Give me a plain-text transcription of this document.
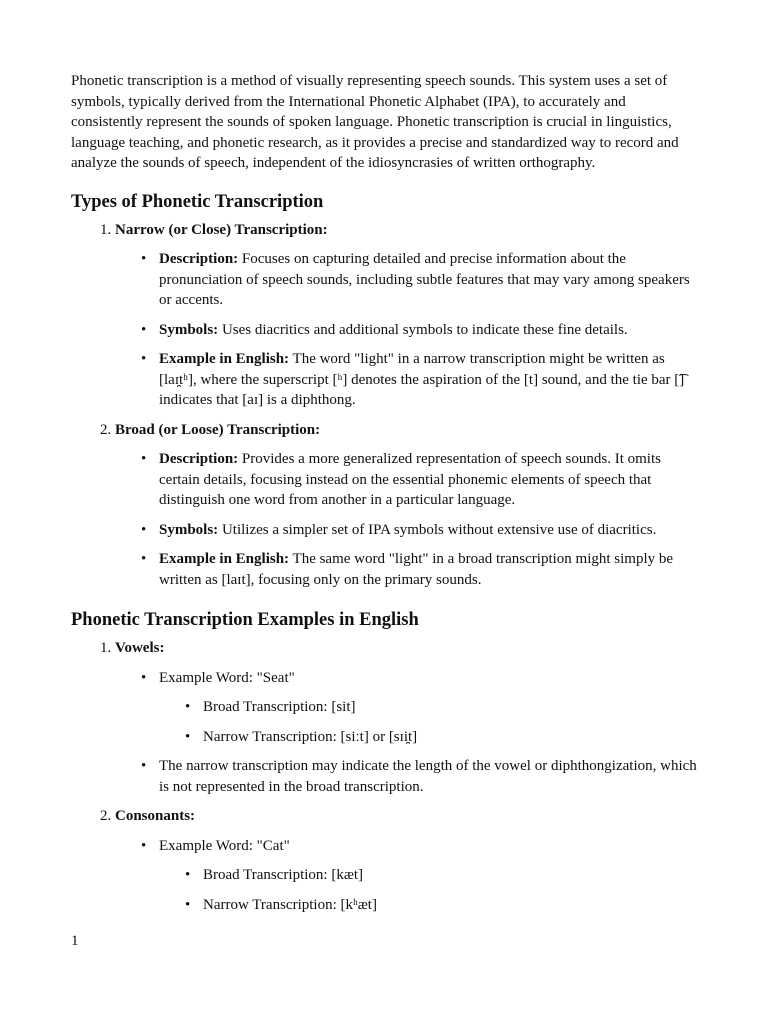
Phonetic transcription is a method of visually representing speech sounds. This system uses a set of symbols, typically derived from the International Phonetic Alphabet (IPA), to accurately and consistently represent the sounds of spoken language. Phonetic transcription is crucial in linguistics, language teaching, and phonetic research, as it provides a precise and standardized way to record and analyze the sounds of speech, independent of the idiosyncrasies of written orthography.

Types of Phonetic Transcription
1. Narrow (or Close) Transcription:
• Description: Focuses on capturing detailed and precise information about the pronunciation of speech sounds, including subtle features that may vary among speakers or accents.
• Symbols: Uses diacritics and additional symbols to indicate these fine details.
• Example in English: The word "light" in a narrow transcription might be written as [laɪ̯tʰ], where the superscript [ʰ] denotes the aspiration of the [t] sound, and the tie bar [͡] indicates that [aɪ] is a diphthong.
2. Broad (or Loose) Transcription:
• Description: Provides a more generalized representation of speech sounds. It omits certain details, focusing instead on the essential phonemic elements of speech that distinguish one word from another in a particular language.
• Symbols: Utilizes a simpler set of IPA symbols without extensive use of diacritics.
• Example in English: The same word "light" in a broad transcription might simply be written as [laɪt], focusing only on the primary sounds.
Phonetic Transcription Examples in English
1. Vowels:
• Example Word: "Seat"
• Broad Transcription: [sit]
• Narrow Transcription: [siːt] or [sɪi̯t]
• The narrow transcription may indicate the length of the vowel or diphthongization, which is not represented in the broad transcription.
2. Consonants:
• Example Word: "Cat"
• Broad Transcription: [kæt]
• Narrow Transcription: [kʰæt]
1
